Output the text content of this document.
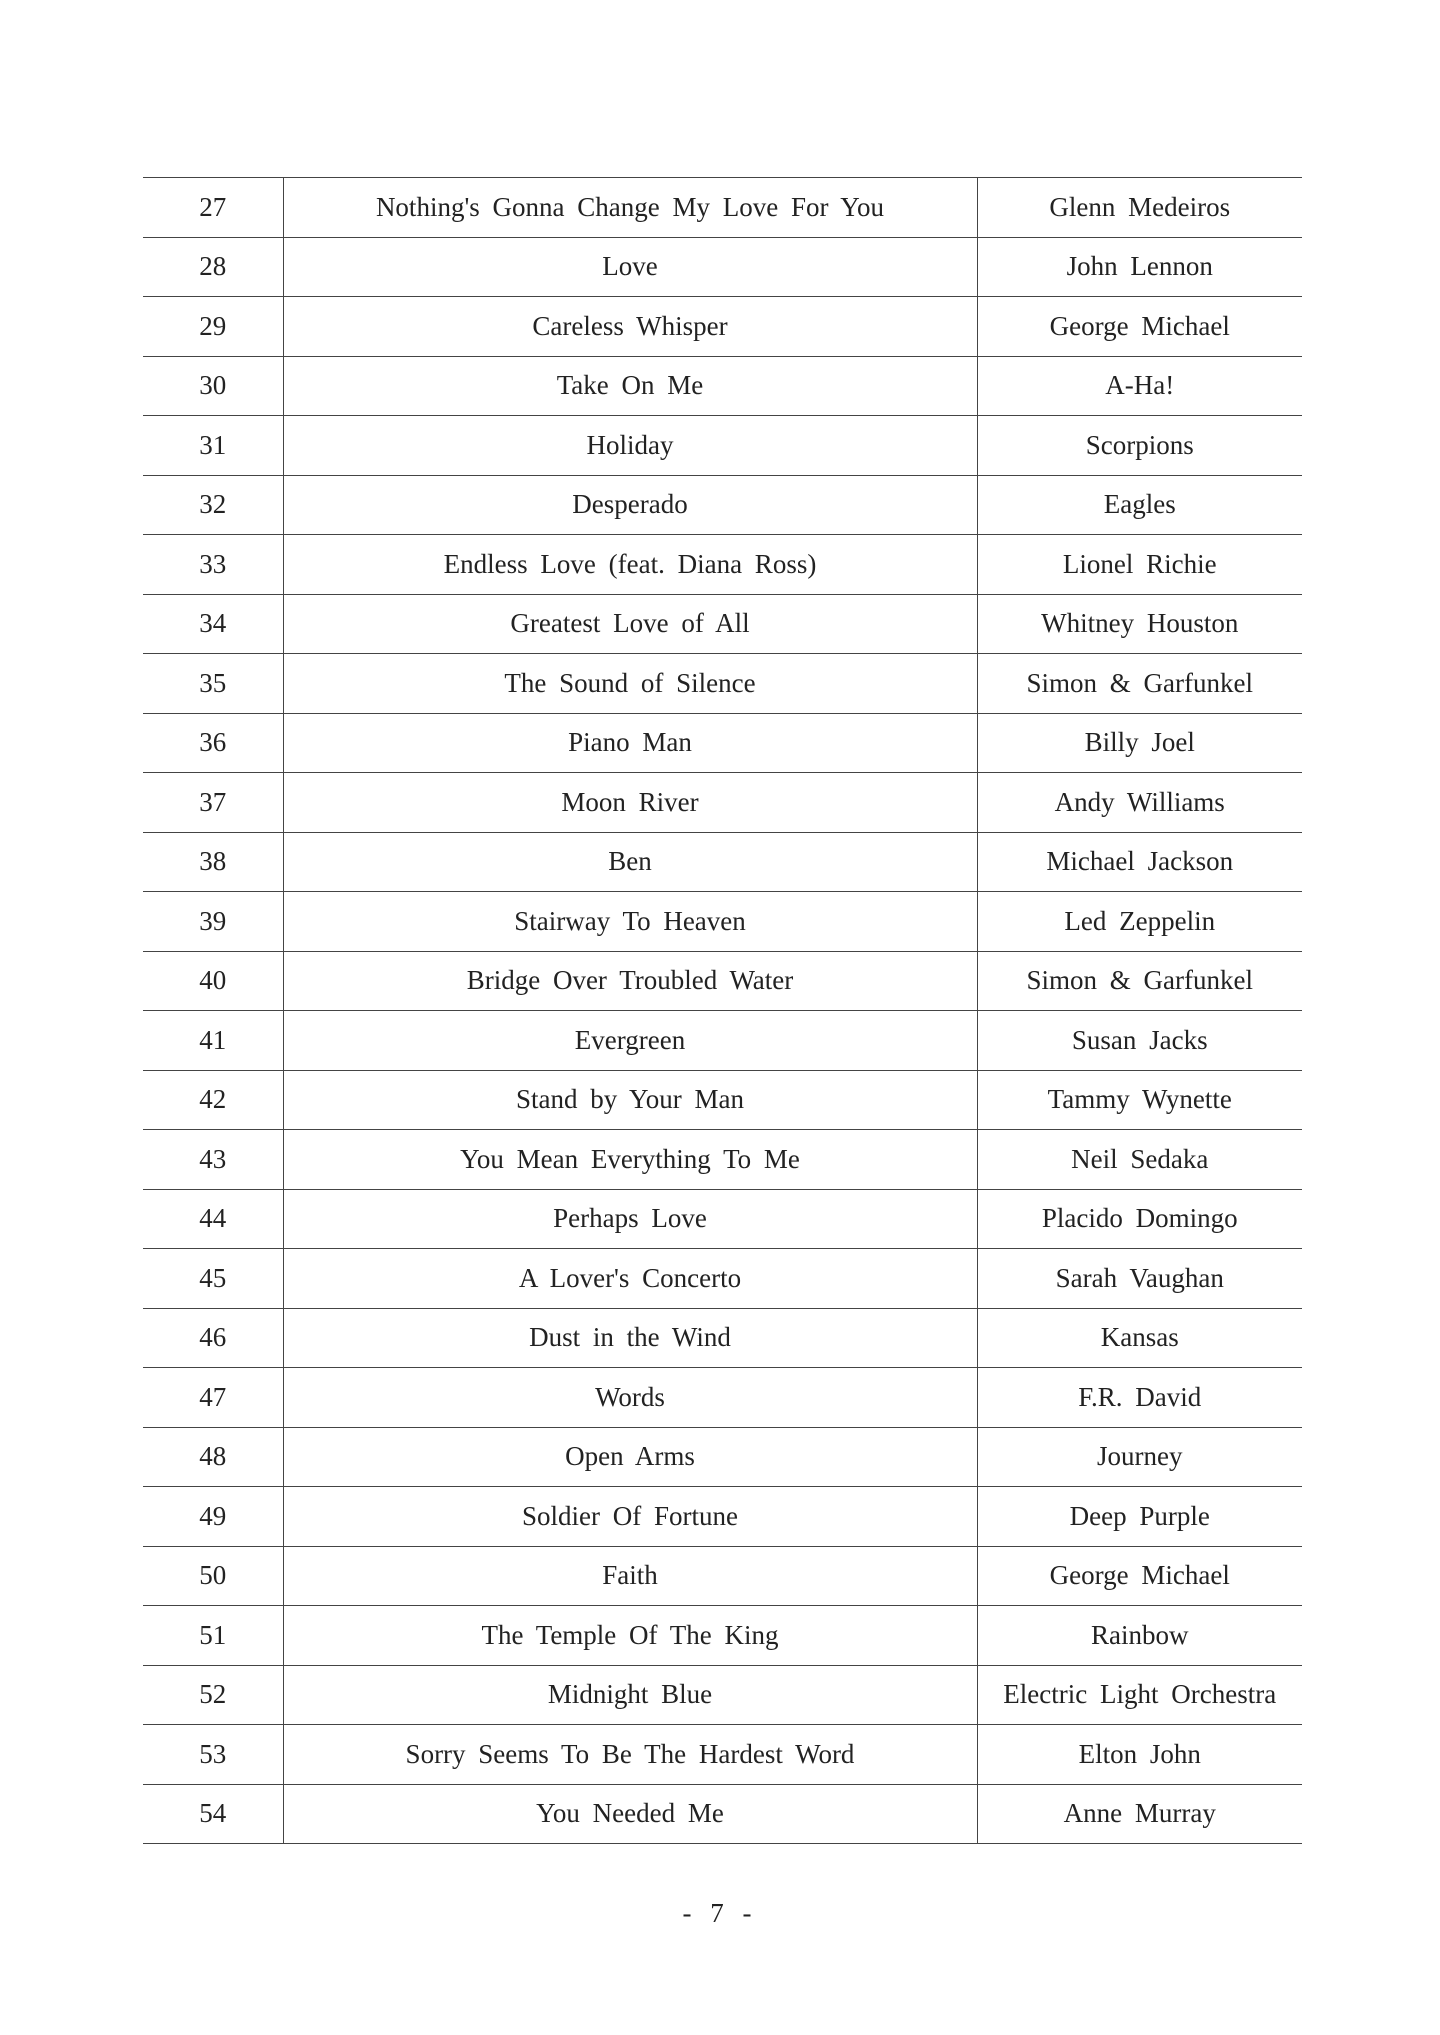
27	Nothing's Gonna Change My Love For You	Glenn Medeiros
28	Love	John Lennon
29	Careless Whisper	George Michael
30	Take On Me	A-Ha!
31	Holiday	Scorpions
32	Desperado	Eagles
33	Endless Love (feat. Diana Ross)	Lionel Richie
34	Greatest Love of All	Whitney Houston
35	The Sound of Silence	Simon & Garfunkel
36	Piano Man	Billy Joel
37	Moon River	Andy Williams
38	Ben	Michael Jackson
39	Stairway To Heaven	Led Zeppelin
40	Bridge Over Troubled Water	Simon & Garfunkel
41	Evergreen	Susan Jacks
42	Stand by Your Man	Tammy Wynette
43	You Mean Everything To Me	Neil Sedaka
44	Perhaps Love	Placido Domingo
45	A Lover's Concerto	Sarah Vaughan
46	Dust in the Wind	Kansas
47	Words	F.R. David
48	Open Arms	Journey
49	Soldier Of Fortune	Deep Purple
50	Faith	George Michael
51	The Temple Of The King	Rainbow
52	Midnight Blue	Electric Light Orchestra
53	Sorry Seems To Be The Hardest Word	Elton John
54	You Needed Me	Anne Murray
- 7 -
